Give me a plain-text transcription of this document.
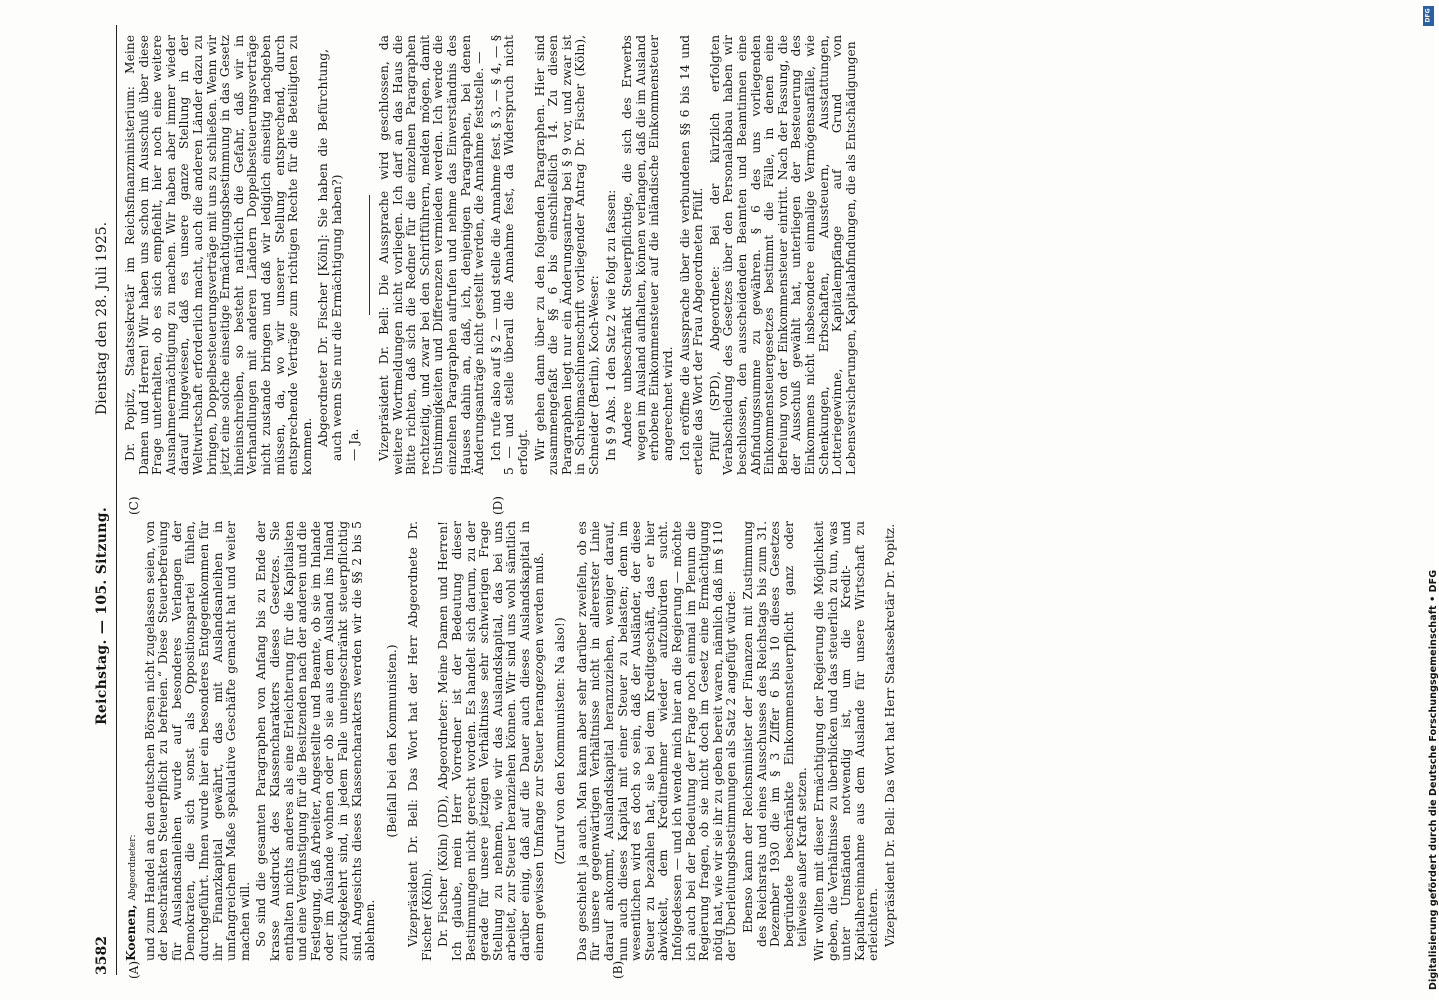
3582
Reichstag. — 105. Sitzung.
Dienstag den 28. Juli 1925.
(A)	(B)
(C)	(D)

Koenen, Abgeordneter: und zum Handel an den deutschen Börsen nicht zugelassen seien, von der beschränkten Steuerpflicht zu befreien.“ Diese Steuerbefreiung für Auslandsanleihen wurde auf besonderes Verlangen der Demokraten, die sich sonst als Oppositionspartei fühlen, durchgeführt. Ihnen wurde hier ein besonderes Entgegenkommen für ihr Finanzkapital gewährt, das mit Auslandsanleihen in umfangreichem Maße spekulative Geschäfte gemacht hat und weiter machen will. So sind die gesamten Paragraphen von Anfang bis zu Ende der krasse Ausdruck des Klassencharakters dieses Gesetzes. Sie enthalten nichts anderes als eine Erleichterung für die Kapitalisten und eine Vergünstigung für die Besitzenden nach der anderen und die Festlegung, daß Arbeiter, Angestellte und Beamte, ob sie im Inlande oder im Auslande wohnen oder ob sie aus dem Ausland ins Inland zurückgekehrt sind, in jedem Falle uneingeschränkt steuerpflichtig sind. Angesichts dieses Klassencharakters werden wir die §§ 2 bis 5 ablehnen.

(Beifall bei den Kommunisten.) Vizepräsident Dr. Bell: Das Wort hat der Herr Abgeordnete Dr. Fischer (Köln). Dr. Fischer (Köln) (DD), Abgeordneter: Meine Damen und Herren! Ich glaube, mein Herr Vorredner ist der Bedeutung dieser Bestimmungen nicht gerecht worden. Es handelt sich darum, zu der gerade für unsere jetzigen Verhältnisse sehr schwierigen Frage Stellung zu nehmen, wie wir das Auslandskapital, das bei uns arbeitet, zur Steuer heranziehen können. Wir sind uns wohl sämtlich darüber einig, daß auf die Dauer auch dieses Auslandskapital in einem gewissen Umfange zur Steuer herangezogen werden muß. (Zuruf von den Kommunisten: Na also!) Das geschieht ja auch. Man kann aber sehr darüber zweifeln, ob es für unsere gegenwärtigen Verhältnisse nicht in allererster Linie darauf ankommt, Auslandskapital heranzuziehen, weniger darauf, nun auch dieses Kapital mit einer Steuer zu belasten; denn im wesentlichen wird es doch so sein, daß der Ausländer, der diese Steuer zu bezahlen hat, sie bei dem Kreditgeschäft, das er hier abwickelt, dem Kreditnehmer wieder aufzubürden sucht. Infolgedessen — und ich wende mich hier an die Regierung — möchte ich auch bei der Bedeutung der Frage noch einmal im Plenum die Regierung fragen, ob sie nicht doch im Gesetz eine Ermächtigung nötig hat, wie wir sie ihr zu geben bereit waren, nämlich daß im § 110 der Überleitungsbestimmungen als Satz 2 angefügt würde: Ebenso kann der Reichsminister der Finanzen mit Zustimmung des Reichsrats und eines Ausschusses des Reichstags bis zum 31. Dezember 1930 die im § 3 Ziffer 6 bis 10 dieses Gesetzes begründete beschränkte Einkommensteuerpflicht ganz oder teilweise außer Kraft setzen. Wir wollten mit dieser Ermächtigung der Regierung die Möglichkeit geben, die Verhältnisse zu überblicken und das steuerlich zu tun, was unter Umständen notwendig ist, um die Kredit- und Kapitalhereinnahme aus dem Auslande für unsere Wirtschaft zu erleichtern. Vizepräsident Dr. Bell: Das Wort hat Herr Staatssekretär Dr. Popitz.

Dr. Popitz, Staatssekretär im Reichsfinanzministerium: Meine Damen und Herren! Wir haben uns schon im Ausschuß über diese Frage unterhalten, ob es sich empfiehlt, hier noch eine weitere Ausnahmeermächtigung zu machen. Wir haben aber immer wieder darauf hingewiesen, daß es unsere ganze Stellung in der Weltwirtschaft erforderlich macht, auch die anderen Länder dazu zu bringen, Doppelbesteuerungsverträge mit uns zu schließen. Wenn wir jetzt eine solche einseitige Ermächtigungsbestimmung in das Gesetz hineinschreiben, so besteht natürlich die Gefahr, daß wir in Verhandlungen mit anderen Ländern Doppelbesteuerungsverträge nicht zustande bringen und daß wir lediglich einseitig nachgeben müssen, da, wo wir unserer Stellung entsprechend, durch entsprechende Verträge zum richtigen Rechte für die Beteiligten zu kommen. Abgeordneter Dr. Fischer [Köln]: Sie haben die Befürchtung, auch wenn Sie nur die Ermächtigung haben?) — Ja. Vizepräsident Dr. Bell: Die Aussprache wird geschlossen, da weitere Wortmeldungen nicht vorliegen. Ich darf an das Haus die Bitte richten, daß sich die Redner für die einzelnen Paragraphen rechtzeitig, und zwar bei den Schriftführern, melden mögen, damit Unstimmigkeiten und Differenzen vermieden werden. Ich werde die einzelnen Paragraphen aufrufen und nehme das Einverständnis des Hauses dahin an, daß, ich, denjenigen Paragraphen, bei denen Änderungsanträge nicht gestellt werden, die Annahme feststelle. — Ich rufe also auf § 2 — und stelle die Annahme fest. § 3, — § 4, — § 5 — und stelle überall die Annahme fest, da Widerspruch nicht erfolgt. Wir gehen dann über zu den folgenden Paragraphen. Hier sind zusammengefaßt die §§ 6 bis einschließlich 14. Zu diesen Paragraphen liegt nur ein Änderungsantrag bei § 9 vor, und zwar ist in Schreibmaschinenschrift vorliegender Antrag Dr. Fischer (Köln), Schneider (Berlin), Koch-Weser: In § 9 Abs. 1 den Satz 2 wie folgt zu fassen: Andere unbeschränkt Steuerpflichtige, die sich des Erwerbs wegen im Ausland aufhalten, können verlangen, daß die im Ausland erhobene Einkommensteuer auf die inländische Einkommensteuer angerechnet wird. Ich eröffne die Aussprache über die verbundenen §§ 6 bis 14 und erteile das Wort der Frau Abgeordneten Pfülf. Pfülf (SPD), Abgeordnete: Bei der kürzlich erfolgten Verabschiedung des Gesetzes über den Personalabbau haben wir beschlossen, den ausscheidenden Beamten und Beamtinnen eine Abfindungssumme zu gewähren. § 6 des uns vorliegenden Einkommensteuergesetzes bestimmt die Fälle, in denen eine Befreiung von der Einkommensteuer eintritt. Nach der Fassung, die der Ausschuß gewählt hat, unterliegen der Besteuerung des Einkommens nicht insbesondere einmalige Vermögensanfälle, wie Schenkungen, Erbschaften, Aussteuern, Ausstattungen, Lotteriegewinne, Kapitalempfänge auf Grund von Lebensversicherungen, Kapitalabfindungen, die als Entschädigungen

Digitalisierung gefördert durch die Deutsche Forschungsgemeinschaft • DFG
DFG
